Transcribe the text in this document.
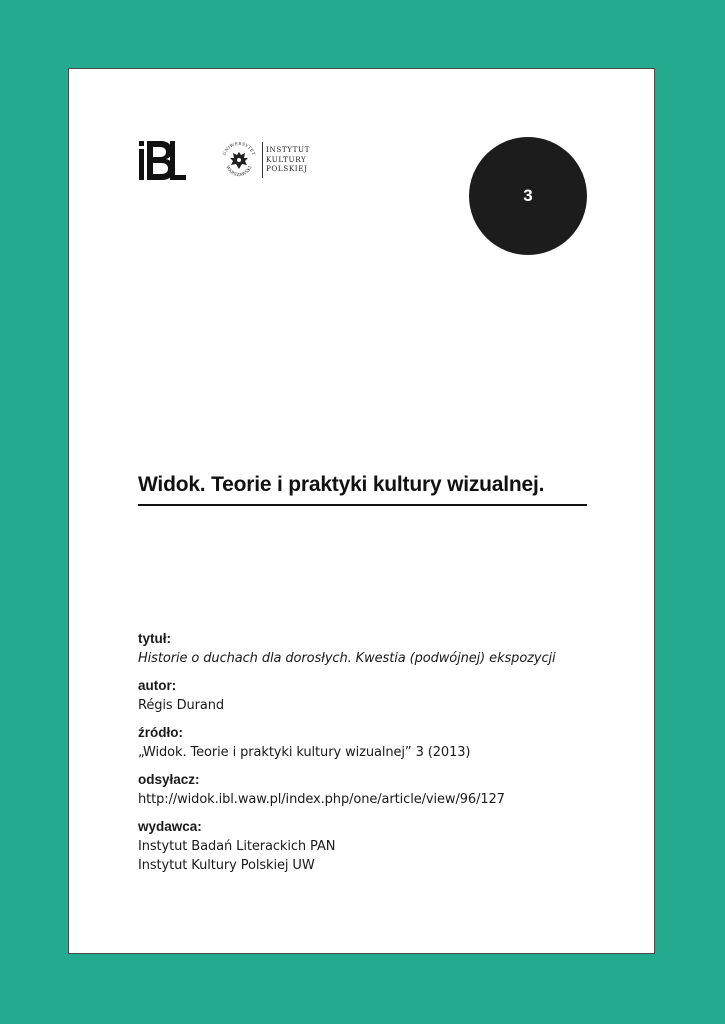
UNIWERSYTET
WARSZAWSKI
INSTYTUT
KULTURY
POLSKIEJ
3
Widok. Teorie i praktyki kultury wizualnej.

tytuł:

Historie o duchach dla dorosłych. Kwestia (podwójnej) ekspozycji

autor:

Régis Durand

źródło:

„Widok. Teorie i praktyki kultury wizualnej” 3 (2013)

odsyłacz:

http://widok.ibl.waw.pl/index.php/one/article/view/96/127

wydawca:

Instytut Badań Literackich PAN
Instytut Kultury Polskiej UW
